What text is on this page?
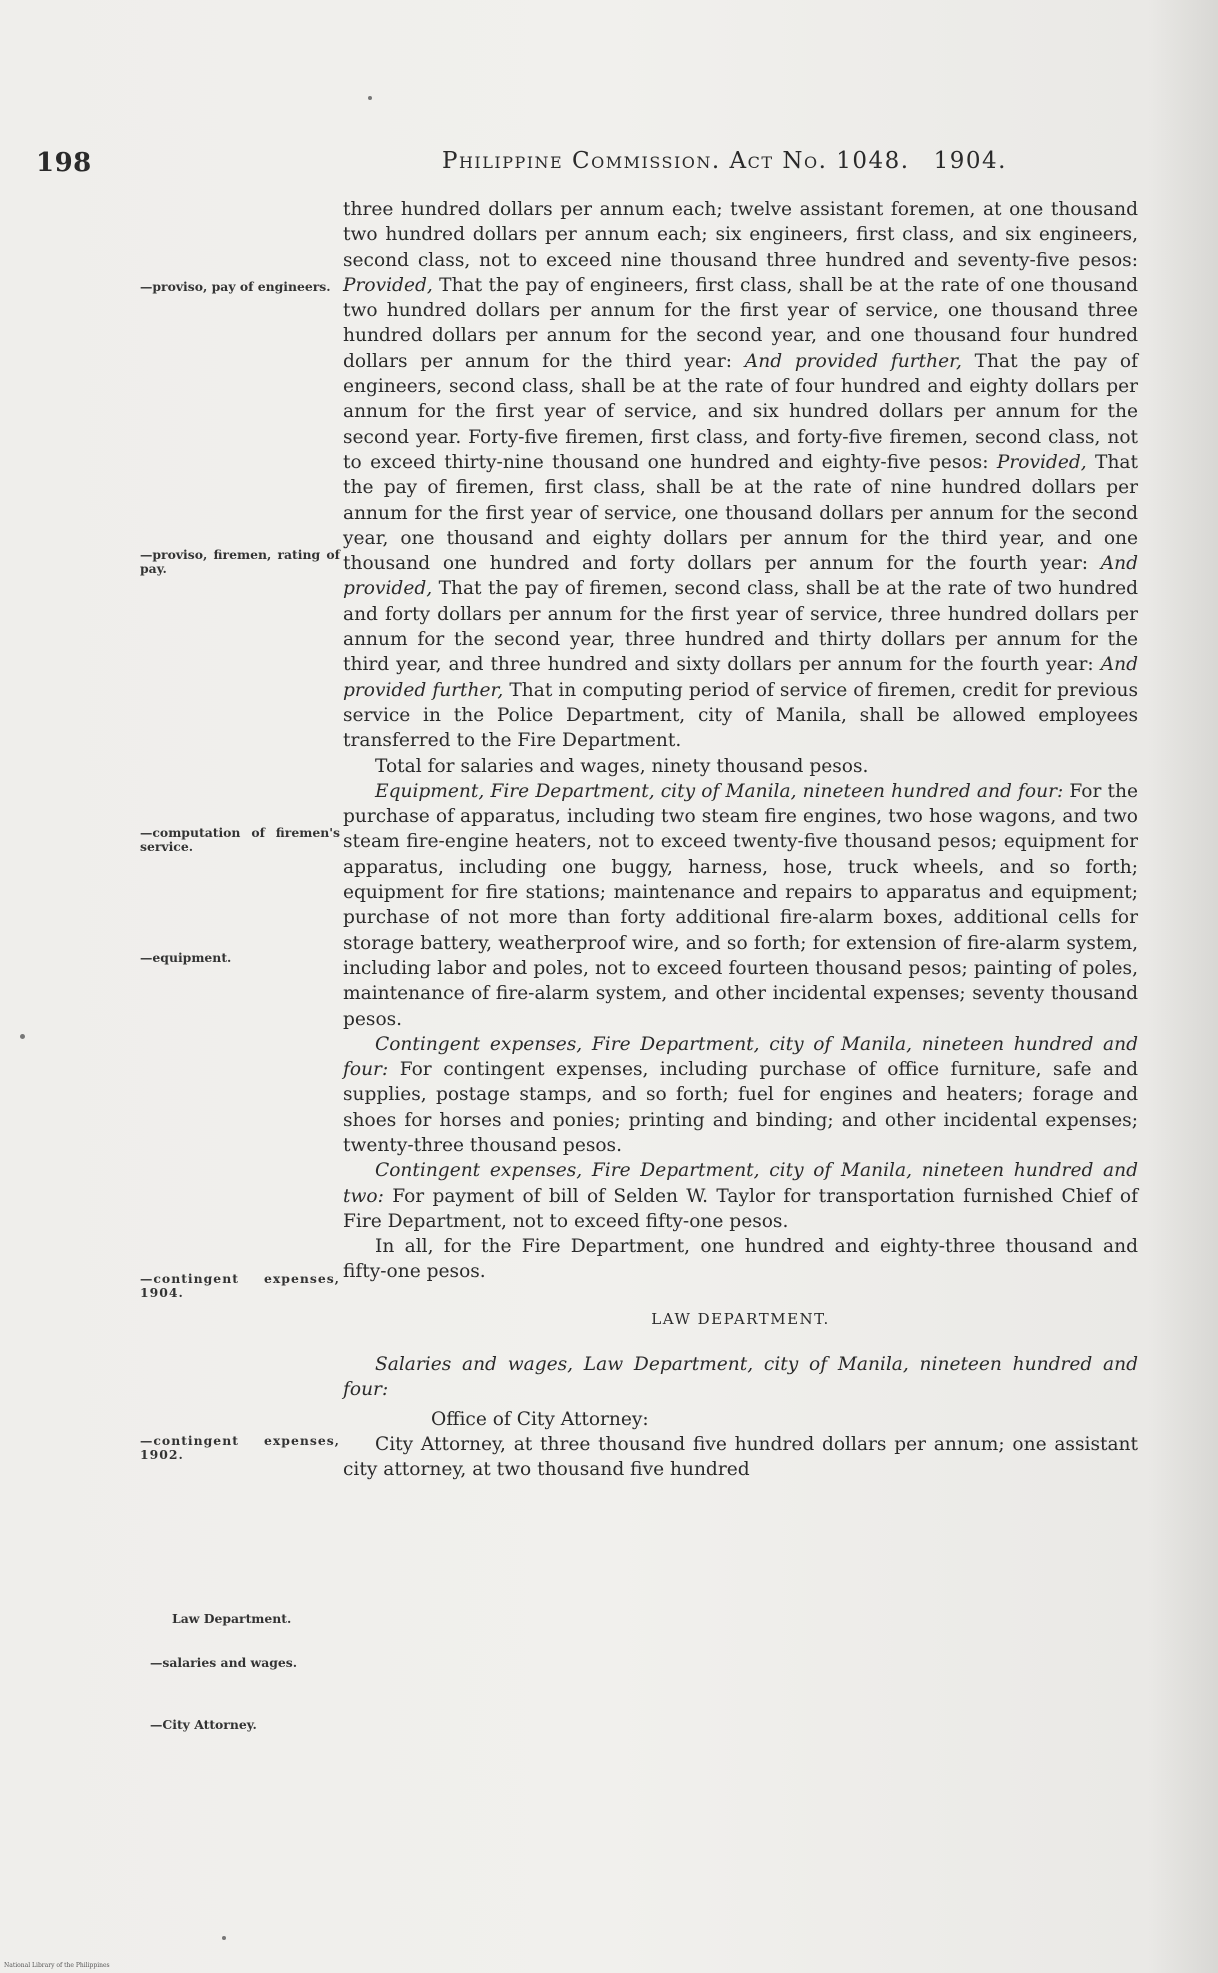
198	Philippine Commission. Act No. 1048. 1904.
—proviso, pay of engineers.
—proviso, firemen, rating of pay.
—computation of firemen's service.
—equipment.
—contingent expenses, 1904.
—contingent expenses, 1902.
Law Department.
—salaries and wages.
—City Attorney.

three hundred dollars per annum each; twelve assistant foremen, at one thousand two hundred dollars per annum each; six engineers, first class, and six engineers, second class, not to exceed nine thousand three hundred and seventy-five pesos: Provided, That the pay of engineers, first class, shall be at the rate of one thousand two hundred dollars per annum for the first year of service, one thousand three hundred dollars per annum for the second year, and one thousand four hundred dollars per annum for the third year: And provided further, That the pay of engineers, second class, shall be at the rate of four hundred and eighty dollars per annum for the first year of service, and six hundred dollars per annum for the second year. Forty-five firemen, first class, and forty-five firemen, second class, not to exceed thirty-nine thousand one hundred and eighty-five pesos: Provided, That the pay of firemen, first class, shall be at the rate of nine hundred dollars per annum for the first year of service, one thousand dollars per annum for the second year, one thousand and eighty dollars per annum for the third year, and one thousand one hundred and forty dollars per annum for the fourth year: And provided, That the pay of firemen, second class, shall be at the rate of two hundred and forty dollars per annum for the first year of service, three hundred dollars per annum for the second year, three hundred and thirty dollars per annum for the third year, and three hundred and sixty dollars per annum for the fourth year: And provided further, That in computing period of service of firemen, credit for previous service in the Police Department, city of Manila, shall be allowed employees transferred to the Fire Department.

Total for salaries and wages, ninety thousand pesos.

Equipment, Fire Department, city of Manila, nineteen hundred and four: For the purchase of apparatus, including two steam fire engines, two hose wagons, and two steam fire-engine heaters, not to exceed twenty-five thousand pesos; equipment for apparatus, including one buggy, harness, hose, truck wheels, and so forth; equipment for fire stations; maintenance and repairs to apparatus and equipment; purchase of not more than forty additional fire-alarm boxes, additional cells for storage battery, weatherproof wire, and so forth; for extension of fire-alarm system, including labor and poles, not to exceed fourteen thousand pesos; painting of poles, maintenance of fire-alarm system, and other incidental expenses; seventy thousand pesos.

Contingent expenses, Fire Department, city of Manila, nineteen hundred and four: For contingent expenses, including purchase of office furniture, safe and supplies, postage stamps, and so forth; fuel for engines and heaters; forage and shoes for horses and ponies; printing and binding; and other incidental expenses; twenty-three thousand pesos.

Contingent expenses, Fire Department, city of Manila, nineteen hundred and two: For payment of bill of Selden W. Taylor for transportation furnished Chief of Fire Department, not to exceed fifty-one pesos.

In all, for the Fire Department, one hundred and eighty-three thousand and fifty-one pesos.

LAW DEPARTMENT.

Salaries and wages, Law Department, city of Manila, nineteen hundred and four:

Office of City Attorney:

City Attorney, at three thousand five hundred dollars per annum; one assistant city attorney, at two thousand five hundred

National Library of the Philippines
